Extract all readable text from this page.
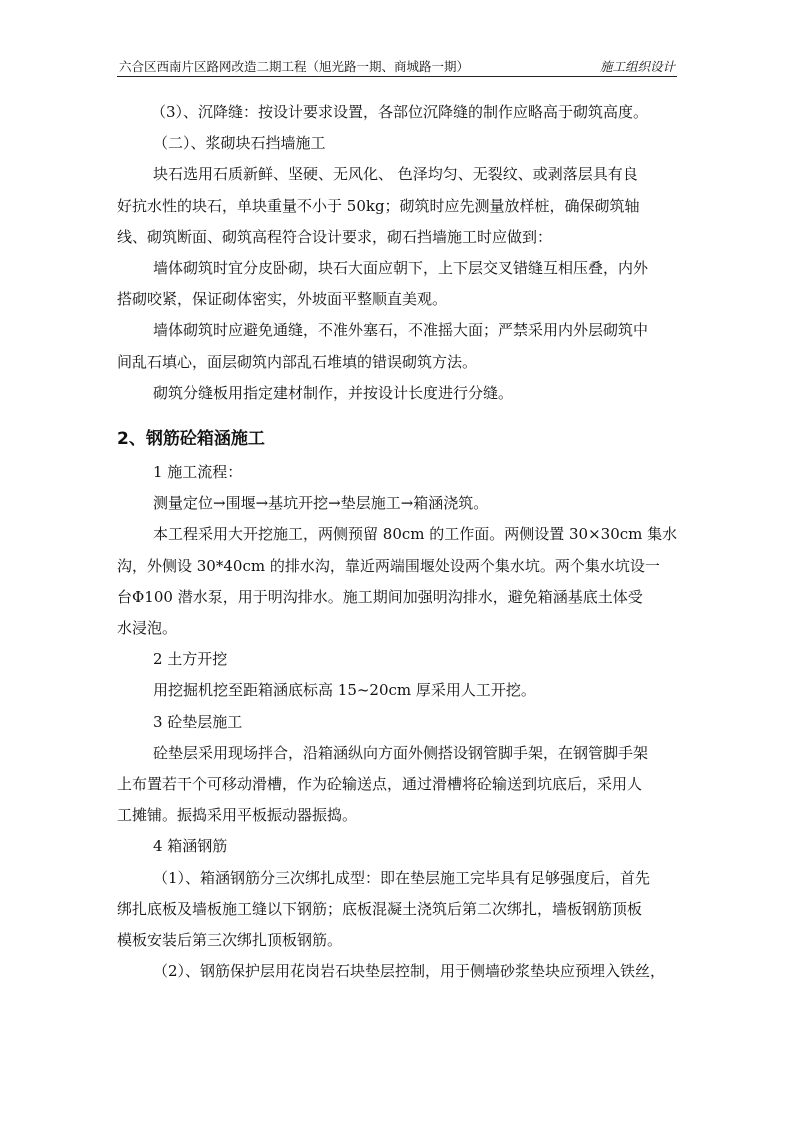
六合区西南片区路网改造二期工程（旭光路一期、商城路一期）	施工组织设计

（3）、沉降缝：按设计要求设置，各部位沉降缝的制作应略高于砌筑高度。

（二）、浆砌块石挡墙施工

块石选用石质新鲜、坚硬、无风化、 色泽均匀、无裂纹、或剥落层具有良

好抗水性的块石，单块重量不小于 50kg；砌筑时应先测量放样桩，确保砌筑轴

线、砌筑断面、砌筑高程符合设计要求，砌石挡墙施工时应做到：

墙体砌筑时宜分皮卧砌，块石大面应朝下，上下层交叉错缝互相压叠，内外

搭砌咬紧，保证砌体密实，外坡面平整顺直美观。

墙体砌筑时应避免通缝，不准外塞石，不准摇大面；严禁采用内外层砌筑中

间乱石填心，面层砌筑内部乱石堆填的错误砌筑方法。

砌筑分缝板用指定建材制作，并按设计长度进行分缝。

2、钢筋砼箱涵施工

1 施工流程：

测量定位→围堰→基坑开挖→垫层施工→箱涵浇筑。

本工程采用大开挖施工，两侧预留 80cm 的工作面。两侧设置 30×30cm 集水

沟，外侧设 30*40cm 的排水沟，靠近两端围堰处设两个集水坑。两个集水坑设一

台Φ100 潜水泵，用于明沟排水。施工期间加强明沟排水，避免箱涵基底土体受

水浸泡。

2 土方开挖

用挖掘机挖至距箱涵底标高 15~20cm 厚采用人工开挖。

3 砼垫层施工

砼垫层采用现场拌合，沿箱涵纵向方面外侧搭设钢管脚手架，在钢管脚手架

上布置若干个可移动滑槽，作为砼输送点，通过滑槽将砼输送到坑底后，采用人

工摊铺。振捣采用平板振动器振捣。

4 箱涵钢筋

（1）、箱涵钢筋分三次绑扎成型：即在垫层施工完毕具有足够强度后，首先

绑扎底板及墙板施工缝以下钢筋；底板混凝土浇筑后第二次绑扎，墙板钢筋顶板

模板安装后第三次绑扎顶板钢筋。

（2）、钢筋保护层用花岗岩石块垫层控制，用于侧墙砂浆垫块应预埋入铁丝，
